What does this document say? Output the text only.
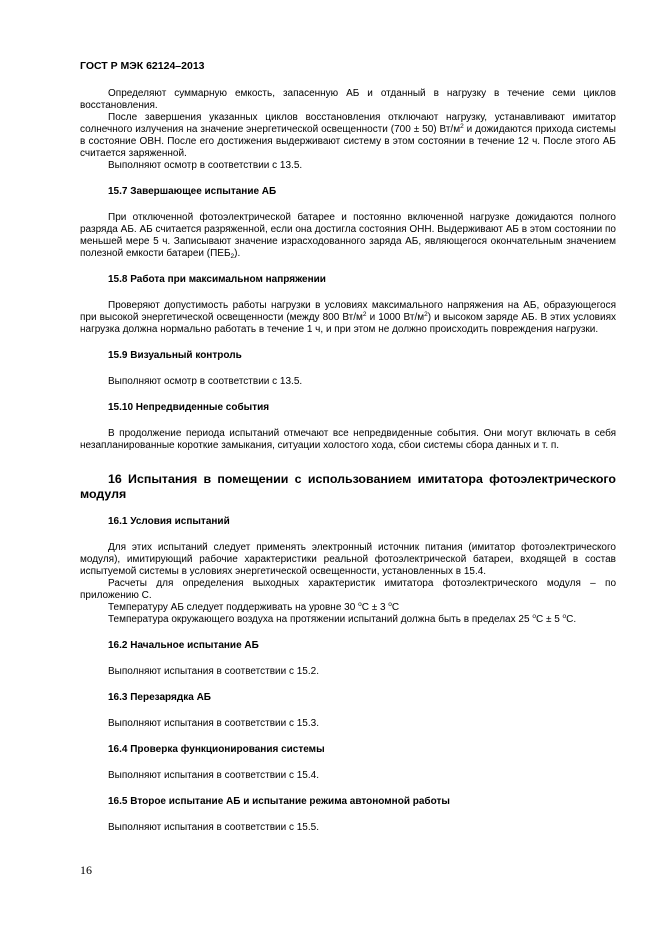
ГОСТ Р МЭК 62124–2013

Определяют суммарную емкость, запасенную АБ и отданный в нагрузку в течение семи циклов восстановления.

После завершения указанных циклов восстановления отключают нагрузку, устанавливают имитатор солнечного излучения на значение энергетической освещенности (700 ± 50) $Вт/м^2$ и дожидаются прихода системы в состояние ОВН. После его достижения выдерживают систему в этом состоянии в течение 12 ч. После этого АБ считается заряженной.

Выполняют осмотр в соответствии с 13.5.

15.7 Завершающее испытание АБ

При отключенной фотоэлектрической батарее и постоянно включенной нагрузке дожидаются полного разряда АБ. АБ считается разряженной, если она достигла состояния ОНН. Выдерживают АБ в этом состоянии по меньшей мере 5 ч. Записывают значение израсходованного заряда АБ, являющегося окончательным значением полезной емкости батареи $(ПЕБ_2)$.

15.8 Работа при максимальном напряжении

Проверяют допустимость работы нагрузки в условиях максимального напряжения на АБ, образующегося при высокой энергетической освещенности (между 800 $Вт/м^2$ и 1000 $Вт/м^2$) и высоком заряде АБ. В этих условиях нагрузка должна нормально работать в течение 1 ч, и при этом не должно происходить повреждения нагрузки.

15.9 Визуальный контроль

Выполняют осмотр в соответствии с 13.5.

15.10 Непредвиденные события

В продолжение периода испытаний отмечают все непредвиденные события. Они могут включать в себя незапланированные короткие замыкания, ситуации холостого хода, сбои системы сбора данных и т. п.

16 Испытания в помещении с использованием имитатора фотоэлектрического модуля
16.1 Условия испытаний

Для этих испытаний следует применять электронный источник питания (имитатор фотоэлектрического модуля), имитирующий рабочие характеристики реальной фотоэлектрической батареи, входящей в состав испытуемой системы в условиях энергетической освещенности, установленных в 15.4.

Расчеты для определения выходных характеристик имитатора фотоэлектрического модуля – по приложению С.

Температуру АБ следует поддерживать на уровне 30 $^о$С ± 3 $^о$С

Температура окружающего воздуха на протяжении испытаний должна быть в пределах 25 $^о$С ± 5 $^о$С.

16.2 Начальное испытание АБ

Выполняют испытания в соответствии с 15.2.

16.3 Перезарядка АБ

Выполняют испытания в соответствии с 15.3.

16.4 Проверка функционирования системы

Выполняют испытания в соответствии с 15.4.

16.5 Второе испытание АБ и испытание режима автономной работы

Выполняют испытания в соответствии с 15.5.

16
